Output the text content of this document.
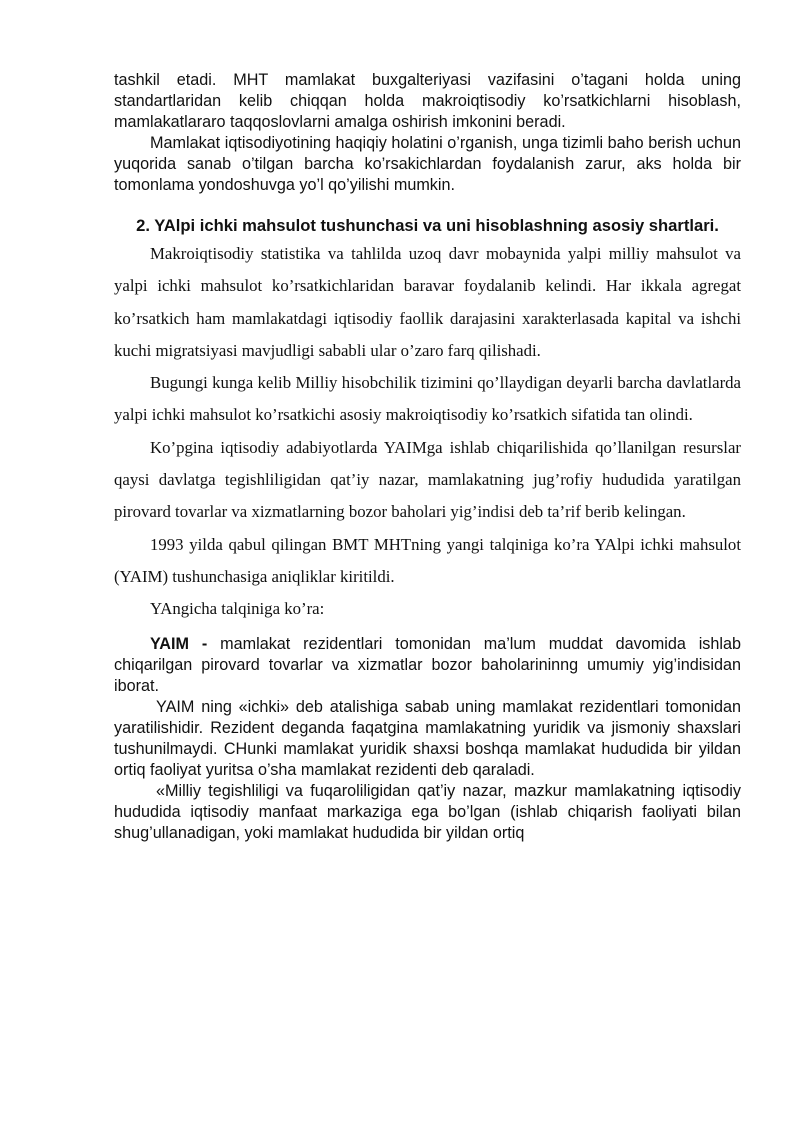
tashkil etadi. MHT mamlakat buxgalteriyasi vazifasini o’tagani holda uning standartlaridan kelib chiqqan holda makroiqtisodiy ko’rsatkichlarni hisoblash, mamlakatlararo taqqoslovlarni amalga oshirish imkonini beradi.

Mamlakat iqtisodiyotining haqiqiy holatini o’rganish, unga tizimli baho berish uchun yuqorida sanab o’tilgan barcha ko’rsakichlardan foydalanish zarur, aks holda bir tomonlama yondoshuvga yo’l qo’yilishi mumkin.

2. YAlpi ichki mahsulot tushunchasi va uni hisoblashning asosiy shartlari.

Makroiqtisodiy statistika va tahlilda uzoq davr mobaynida yalpi milliy mahsulot va yalpi ichki mahsulot ko’rsatkichlaridan baravar foydalanib kelindi. Har ikkala agregat ko’rsatkich ham mamlakatdagi iqtisodiy faollik darajasini xarakterlasada kapital va ishchi kuchi migratsiyasi mavjudligi sababli ular o’zaro farq qilishadi.

Bugungi kunga kelib Milliy hisobchilik tizimini qo’llaydigan deyarli barcha davlatlarda yalpi ichki mahsulot ko’rsatkichi asosiy makroiqtisodiy ko’rsatkich sifatida tan olindi.

Ko’pgina iqtisodiy adabiyotlarda YAIMga ishlab chiqarilishida qo’llanilgan resurslar qaysi davlatga tegishliligidan qat’iy nazar, mamlakatning jug’rofiy hududida yaratilgan pirovard tovarlar va xizmatlarning bozor baholari yig’indisi deb ta’rif berib kelingan.

1993 yilda qabul qilingan BMT MHTning yangi talqiniga ko’ra YAlpi ichki mahsulot (YAIM) tushunchasiga aniqliklar kiritildi.

YAngicha talqiniga ko’ra:

YAIM - mamlakat rezidentlari tomonidan ma’lum muddat davomida ishlab chiqarilgan pirovard tovarlar va xizmatlar bozor baholarininng umumiy yig’indisidan iborat.

YAIM ning «ichki» deb atalishiga sabab uning mamlakat rezidentlari tomonidan yaratilishidir. Rezident deganda faqatgina mamlakatning yuridik va jismoniy shaxslari tushunilmaydi. CHunki mamlakat yuridik shaxsi boshqa mamlakat hududida bir yildan ortiq faoliyat yuritsa o’sha mamlakat rezidenti deb qaraladi.

«Milliy tegishliligi va fuqaroliligidan qat’iy nazar, mazkur mamlakatning iqtisodiy hududida iqtisodiy manfaat markaziga ega bo’lgan (ishlab chiqarish faoliyati bilan shug’ullanadigan, yoki mamlakat hududida bir yildan ortiq
